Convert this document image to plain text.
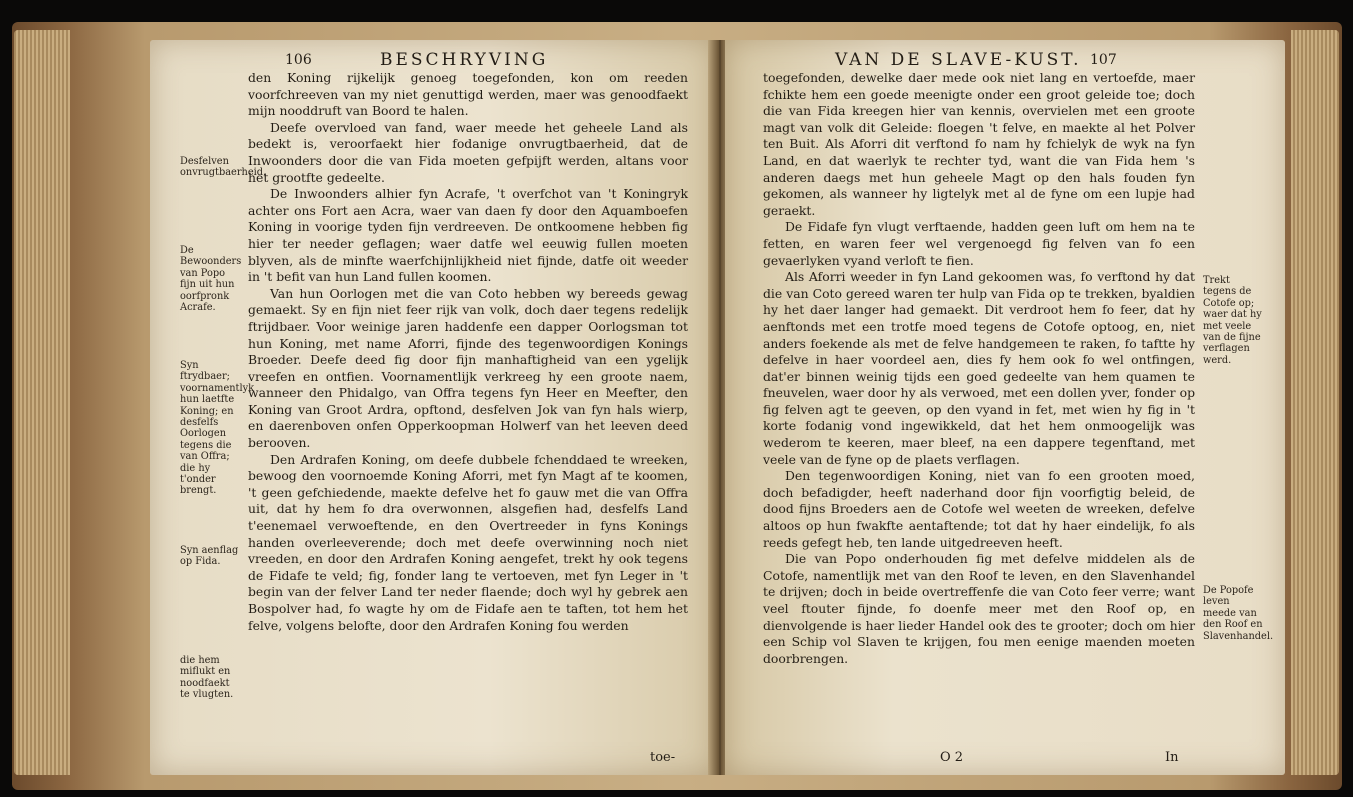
106	BESCHRYVING
Desfelven onvrugtbaerheid.
De Bewoonders van Popo fijn uit hun oorfpronk Acrafe.
Syn ftrydbaer; voornamentlyk hun laetfte Koning; en desfelfs Oorlogen tegens die van Offra; die hy t'onder brengt.
Syn aenflag op Fida.
die hem miflukt en noodfaekt te vlugten.

den Koning rijkelijk genoeg toegefonden, kon om reeden voorfchreeven van my niet genuttigd werden, maer was genoodfaekt mijn nooddruft van Boord te halen.

Deefe overvloed van fand, waer meede het geheele Land als bedekt is, veroorfaekt hier fodanige onvrugtbaerheid, dat de Inwoonders door die van Fida moeten gefpijft werden, altans voor het grootfte gedeelte.

De Inwoonders alhier fyn Acrafe, 't overfchot van 't Koningryk achter ons Fort aen Acra, waer van daen fy door den Aquamboefen Koning in voorige tyden fijn verdreeven. De ontkoomene hebben fig hier ter needer geflagen; waer datfe wel eeuwig fullen moeten blyven, als de minfte waerfchijnlijkheid niet fijnde, datfe oit weeder in 't befit van hun Land fullen koomen.

Van hun Oorlogen met die van Coto hebben wy bereeds gewag gemaekt. Sy en fijn niet feer rijk van volk, doch daer tegens redelijk ftrijdbaer. Voor weinige jaren haddenfe een dapper Oorlogsman tot hun Koning, met name Aforri, fijnde des tegenwoordigen Konings Broeder. Deefe deed fig door fijn manhaftigheid van een ygelijk vreefen en ontfien. Voornamentlijk verkreeg hy een groote naem, wanneer den Phidalgo, van Offra tegens fyn Heer en Meefter, den Koning van Groot Ardra, opftond, desfelven Jok van fyn hals wierp, en daerenboven onfen Opperkoopman Holwerf van het leeven deed berooven.

Den Ardrafen Koning, om deefe dubbele fchenddaed te wreeken, bewoog den voornoemde Koning Aforri, met fyn Magt af te koomen, 't geen gefchiedende, maekte defelve het fo gauw met die van Offra uit, dat hy hem fo dra overwonnen, alsgefien had, desfelfs Land t'eenemael verwoeftende, en den Overtreeder in fyns Konings handen overleeverende; doch met deefe overwinning noch niet vreeden, en door den Ardrafen Koning aengefet, trekt hy ook tegens de Fidafe te veld; fig, fonder lang te vertoeven, met fyn Leger in 't begin van der felver Land ter neder flaende; doch wyl hy gebrek aen Bospolver had, fo wagte hy om de Fidafe aen te taften, tot hem het felve, volgens belofte, door den Ardrafen Koning fou werden

toe-
VAN DE SLAVE-KUST. 107

toegefonden, dewelke daer mede ook niet lang en vertoefde, maer fchikte hem een goede meenigte onder een groot geleide toe; doch die van Fida kreegen hier van kennis, overvielen met een groote magt van volk dit Geleide: floegen 't felve, en maekte al het Polver ten Buit. Als Aforri dit verftond fo nam hy fchielyk de wyk na fyn Land, en dat waerlyk te rechter tyd, want die van Fida hem 's anderen daegs met hun geheele Magt op den hals fouden fyn gekomen, als wanneer hy ligtelyk met al de fyne om een lupje had geraekt.

De Fidafe fyn vlugt verftaende, hadden geen luft om hem na te fetten, en waren feer wel vergenoegd fig felven van fo een gevaerlyken vyand verloft te fien.

Als Aforri weeder in fyn Land gekoomen was, fo verftond hy dat die van Coto gereed waren ter hulp van Fida op te trekken, byaldien hy het daer langer had gemaekt. Dit verdroot hem fo feer, dat hy aenftonds met een trotfe moed tegens de Cotofe optoog, en, niet anders foekende als met de felve handgemeen te raken, fo taftte hy defelve in haer voordeel aen, dies fy hem ook fo wel ontfingen, dat'er binnen weinig tijds een goed gedeelte van hem quamen te fneuvelen, waer door hy als verwoed, met een dollen yver, fonder op fig felven agt te geeven, op den vyand in fet, met wien hy fig in 't korte fodanig vond ingewikkeld, dat het hem onmoogelijk was wederom te keeren, maer bleef, na een dappere tegenftand, met veele van de fyne op de plaets verflagen.

Den tegenwoordigen Koning, niet van fo een grooten moed, doch befadigder, heeft naderhand door fijn voorfigtig beleid, de dood fijns Broeders aen de Cotofe wel weeten de wreeken, defelve altoos op hun fwakfte aentaftende; tot dat hy haer eindelijk, fo als reeds gefegt heb, ten lande uitgedreeven heeft.

Die van Popo onderhouden fig met defelve middelen als de Cotofe, namentlijk met van den Roof te leven, en den Slavenhandel te drijven; doch in beide overtreffenfe die van Coto feer verre; want veel ftouter fijnde, fo doenfe meer met den Roof op, en dienvolgende is haer lieder Handel ook des te grooter; doch om hier een Schip vol Slaven te krijgen, fou men eenige maenden moeten doorbrengen.

Trekt tegens de Cotofe op; waer dat hy met veele van de fijne verflagen werd.
De Popofe leven meede van den Roof en Slavenhandel.
O 2	In
